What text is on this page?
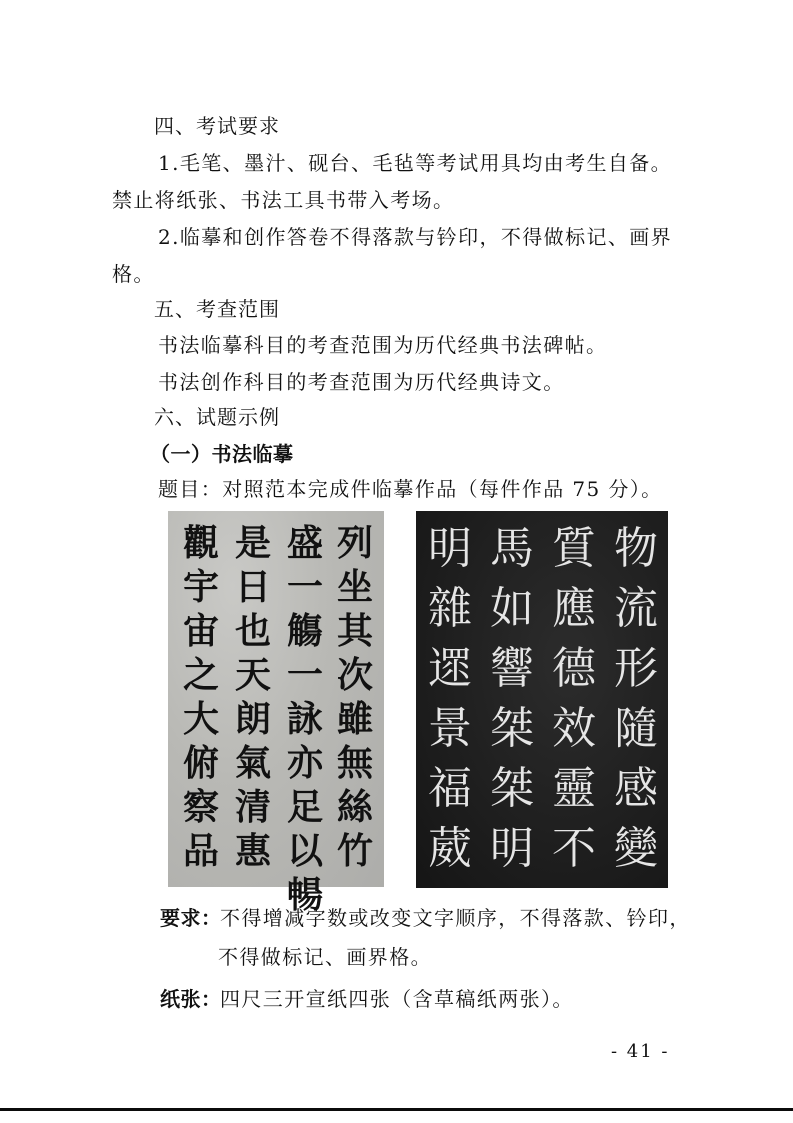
四、考试要求
1.毛笔、墨汁、砚台、毛毡等考试用具均由考生自备。
禁止将纸张、书法工具书带入考场。
2.临摹和创作答卷不得落款与钤印，不得做标记、画界
格。
五、考查范围
书法临摹科目的考查范围为历代经典书法碑帖。
书法创作科目的考查范围为历代经典诗文。
六、试题示例
（一）书法临摹
题目：对照范本完成件临摹作品（每件作品 75 分）。
列
坐
其
次
雖
無
絲
竹
盛
一
觴
一
詠
亦
足
以
暢
是
日
也
天
朗
氣
清
惠
觀
宇
宙
之
大
俯
察
品
物
流
形
隨
感
變
質
應
德
效
靈
不
馬
如
響
桀
桀
明
明
雜
遝
景
福
葳
要求：
不得增减字数或改变文字顺序，不得落款、钤印，
不得做标记、画界格。
纸张：
四尺三开宣纸四张（含草稿纸两张）。
- 41 -
